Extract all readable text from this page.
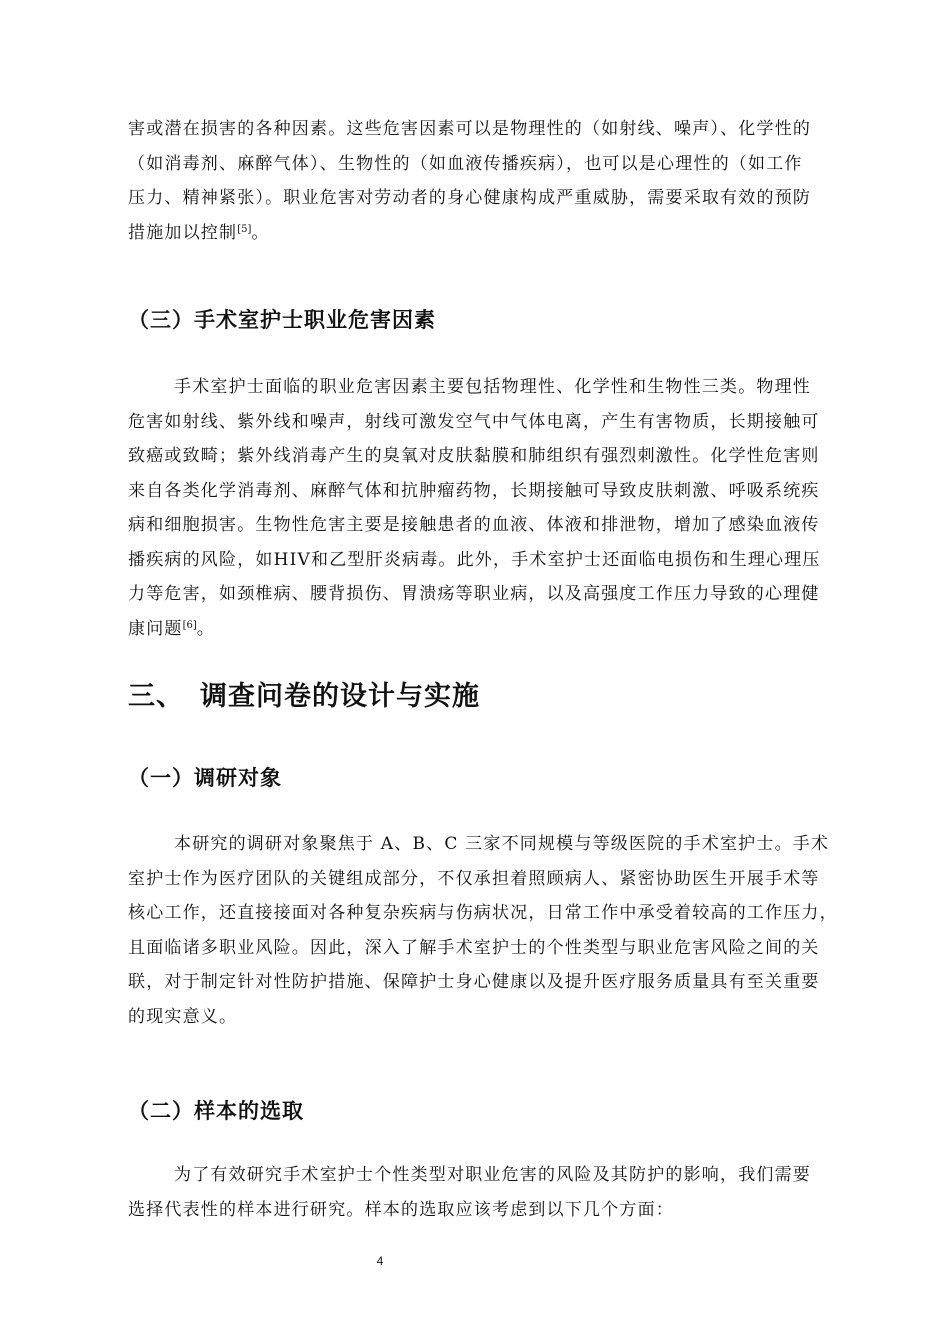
害或潜在损害的各种因素。这些危害因素可以是物理性的（如射线、噪声）、化学性的
（如消毒剂、麻醉气体）、生物性的（如血液传播疾病），也可以是心理性的（如工作
压力、精神紧张）。职业危害对劳动者的身心健康构成严重威胁，需要采取有效的预防
措施加以控制[5]。
（三）手术室护士职业危害因素
手术室护士面临的职业危害因素主要包括物理性、化学性和生物性三类。物理性
危害如射线、紫外线和噪声，射线可激发空气中气体电离，产生有害物质，长期接触可
致癌或致畸；紫外线消毒产生的臭氧对皮肤黏膜和肺组织有强烈刺激性。化学性危害则
来自各类化学消毒剂、麻醉气体和抗肿瘤药物，长期接触可导致皮肤刺激、呼吸系统疾
病和细胞损害。生物性危害主要是接触患者的血液、体液和排泄物，增加了感染血液传
播疾病的风险，如HIV和乙型肝炎病毒。此外，手术室护士还面临电损伤和生理心理压
力等危害，如颈椎病、腰背损伤、胃溃疡等职业病，以及高强度工作压力导致的心理健
康问题[6]。
三、 调查问卷的设计与实施
（一）调研对象
本研究的调研对象聚焦于 A、B、C 三家不同规模与等级医院的手术室护士。手术
室护士作为医疗团队的关键组成部分，不仅承担着照顾病人、紧密协助医生开展手术等
核心工作，还直接接面对各种复杂疾病与伤病状况，日常工作中承受着较高的工作压力，
且面临诸多职业风险。因此，深入了解手术室护士的个性类型与职业危害风险之间的关
联，对于制定针对性防护措施、保障护士身心健康以及提升医疗服务质量具有至关重要
的现实意义。
（二）样本的选取
为了有效研究手术室护士个性类型对职业危害的风险及其防护的影响，我们需要
选择代表性的样本进行研究。样本的选取应该考虑到以下几个方面：
4
